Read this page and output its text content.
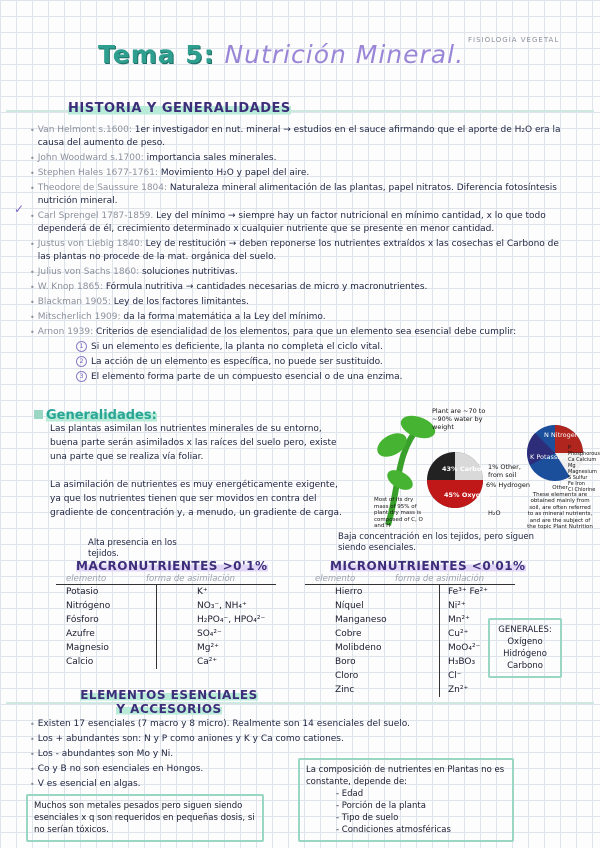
FISIOLOGÍA VEGETAL
Tema 5: Nutrición Mineral.
HISTORIA Y GENERALIDADES
• Van Helmont s.1600: 1er investigador en nut. mineral → estudios en el sauce afirmando que el aporte de H₂O era la causa del aumento de peso.
• John Woodward s.1700: importancia sales minerales.
• Stephen Hales 1677-1761: Movimiento H₂O y papel del aire.
• Theodore de Saussure 1804: Naturaleza mineral alimentación de las plantas, papel nitratos. Diferencia fotosíntesis nutrición mineral.
• Carl Sprengel 1787-1859. Ley del mínimo → siempre hay un factor nutricional en mínimo cantidad, x lo que todo dependerá de él, crecimiento determinado x cualquier nutriente que se presente en menor cantidad.
• Justus von Liebig 1840: Ley de restitución → deben reponerse los nutrientes extraídos x las cosechas el Carbono de las plantas no procede de la mat. orgánica del suelo.
• Julius von Sachs 1860: soluciones nutritivas.
• W. Knop 1865: Fórmula nutritiva → cantidades necesarias de micro y macronutrientes.
• Blackman 1905: Ley de los factores limitantes.
• Mitscherlich 1909: da la forma matemática a la Ley del mínimo.
• Arnon 1939: Criterios de esencialidad de los elementos, para que un elemento sea esencial debe cumplir:
1 Si un elemento es deficiente, la planta no completa el ciclo vital.
2 La acción de un elemento es específica, no puede ser sustituido.
3 El elemento forma parte de un compuesto esencial o de una enzima.
✓
Generalidades:
Las plantas asimilan los nutrientes minerales de su entorno, buena parte serán asimilados x las raíces del suelo pero, existe una parte que se realiza vía foliar.
La asimilación de nutrientes es muy energéticamente exigente, ya que los nutrientes tienen que ser movidos en contra del gradiente de concentración y, a menudo, un gradiente de carga.
Plant are ~70 to ~90% water by weight
43% Carbon
45% Oxygen
6% Hydrogen
1% Other, from soil
Most of its dry mass of 95% of plant dry mass is composed of C, O and H
H₂O
N Nitrogen
K Potassium
P Phosphorous
Ca Calcium
Mg Magnesium
S Sulfur
Fe Iron
Cl Chlorine
Other
These elements are obtained mainly from soil, are often referred to as mineral nutrients, and are the subject of the topic Plant Nutrition
Alta presencia en los tejidos.
MACRONUTRIENTES >0'1%
elemento	forma de asimilación
Potasio
Nitrógeno
Fósforo
Azufre
Magnesio
Calcio
K⁺
NO₃⁻, NH₄⁺
H₂PO₄⁻, HPO₄²⁻
SO₄²⁻
Mg²⁺
Ca²⁺
Baja concentración en los tejidos, pero siguen siendo esenciales.
MICRONUTRIENTES <0'01%
elemento	forma de asimilación
Hierro
Níquel
Manganeso
Cobre
Molibdeno
Boro
Cloro
Zinc
Fe³⁺ Fe²⁺
Ni²⁺
Mn²⁺
Cu²⁺
MoO₄²⁻
H₃BO₃
Cl⁻
Zn²⁺
GENERALES:
Oxígeno
Hidrógeno
Carbono
ELEMENTOS ESENCIALES
Y ACCESORIOS
• Existen 17 esenciales (7 macro y 8 micro). Realmente son 14 esenciales del suelo.
• Los + abundantes son: N y P como aniones y K y Ca como cationes.
• Los - abundantes son Mo y Ni.
• Co y B no son esenciales en Hongos.
• V es esencial en algas.
Muchos son metales pesados pero siguen siendo esenciales x q son requeridos en pequeñas dosis, si no serían tóxicos.
La composición de nutrientes en Plantas no es constante, depende de:
- Edad
- Porción de la planta
- Tipo de suelo
- Condiciones atmosféricas
